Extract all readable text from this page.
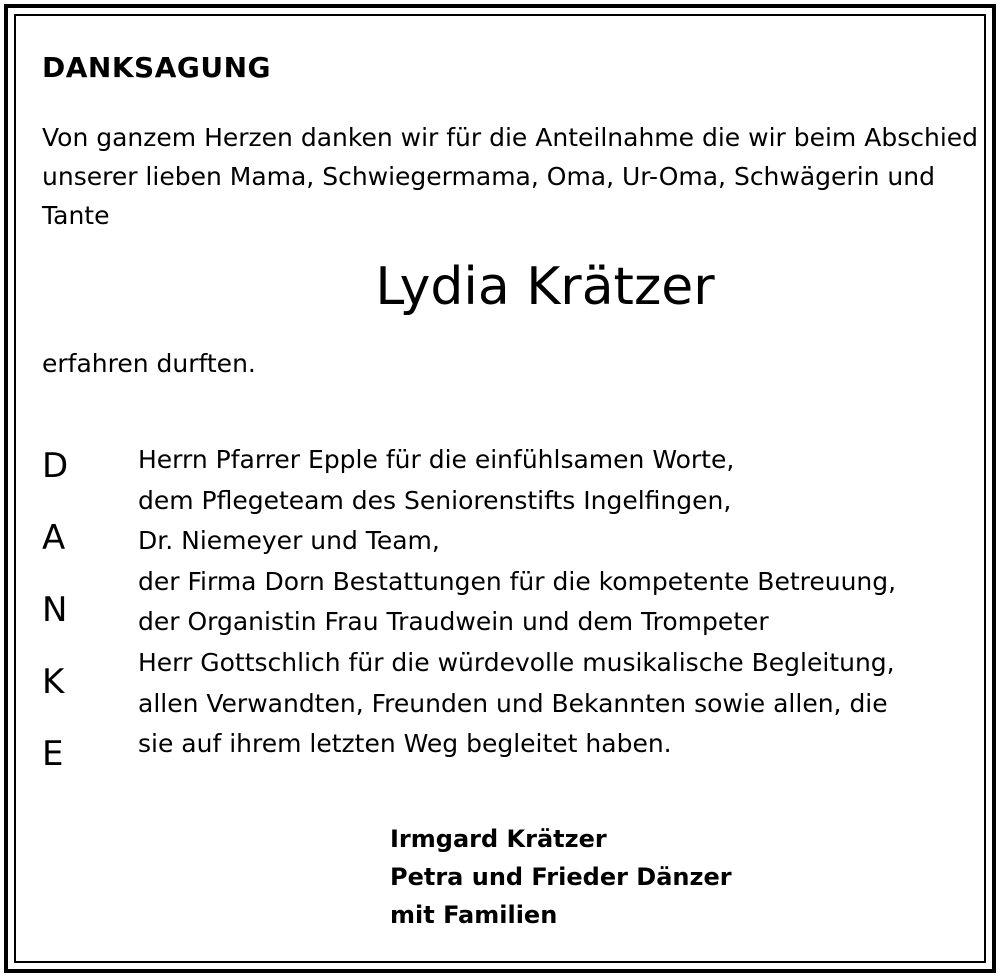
DANKSAGUNG
Von ganzem Herzen danken wir für die Anteilnahme die wir beim Abschied
unserer lieben Mama, Schwiegermama, Oma, Ur-Oma, Schwägerin und
Tante
Lydia Krätzer
erfahren durften.
D
A
N
K
E
Herrn Pfarrer Epple für die einfühlsamen Worte,
dem Pflegeteam des Seniorenstifts Ingelfingen,
Dr. Niemeyer und Team,
der Firma Dorn Bestattungen für die kompetente Betreuung,
der Organistin Frau Traudwein und dem Trompeter
Herr Gottschlich für die würdevolle musikalische Begleitung,
allen Verwandten, Freunden und Bekannten sowie allen, die
sie auf ihrem letzten Weg begleitet haben.
Irmgard Krätzer
Petra und Frieder Dänzer
mit Familien
